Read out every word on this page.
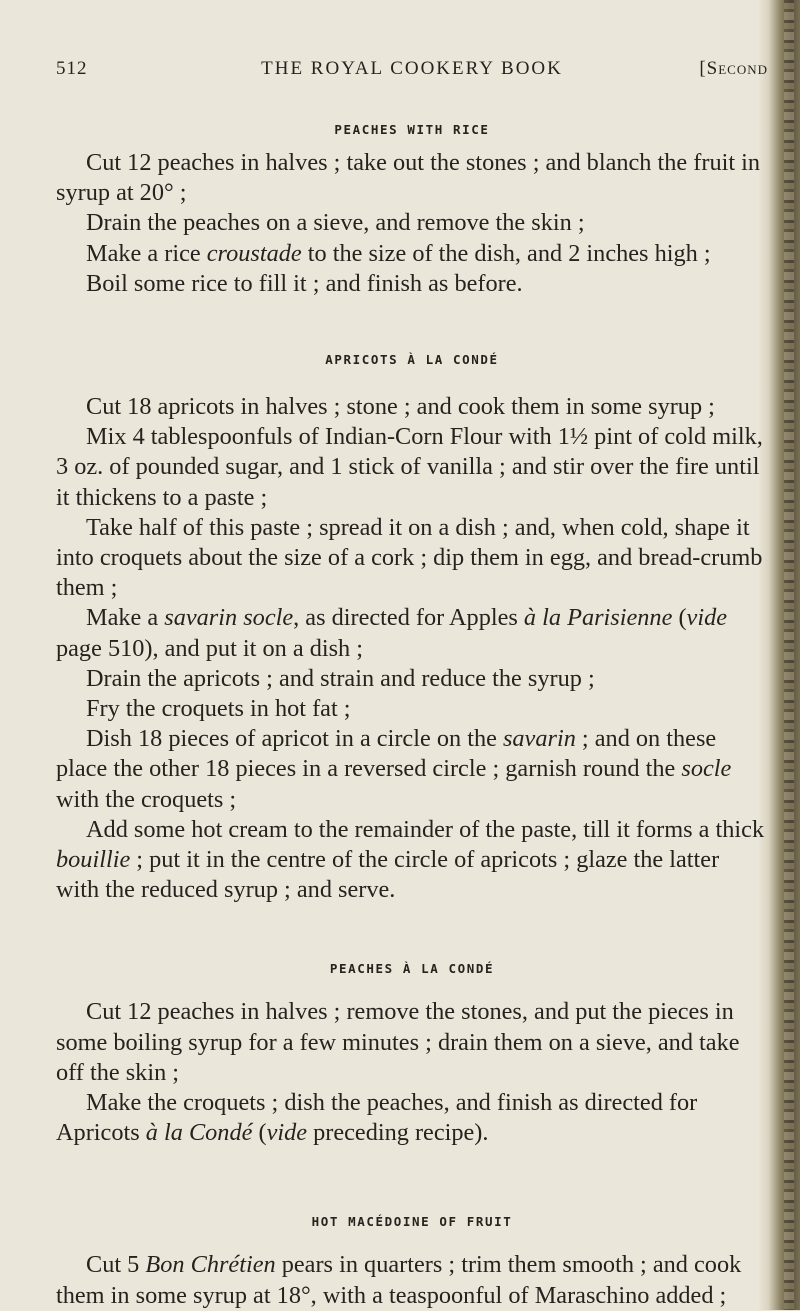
512	THE ROYAL COOKERY BOOK	[Second
PEACHES WITH RICE
Cut 12 peaches in halves ; take out the stones ; and blanch the fruit in syrup at 20° ;
Drain the peaches on a sieve, and remove the skin ;
Make a rice croustade to the size of the dish, and 2 inches high ;
Boil some rice to fill it ; and finish as before.
APRICOTS À LA CONDÉ
Cut 18 apricots in halves ; stone ; and cook them in some syrup ;
Mix 4 tablespoonfuls of Indian-Corn Flour with 1½ pint of cold milk, 3 oz. of pounded sugar, and 1 stick of vanilla ; and stir over the fire until it thickens to a paste ;
Take half of this paste ; spread it on a dish ; and, when cold, shape it into croquets about the size of a cork ; dip them in egg, and bread-crumb them ;
Make a savarin socle, as directed for Apples à la Parisienne (vide page 510), and put it on a dish ;
Drain the apricots ; and strain and reduce the syrup ;
Fry the croquets in hot fat ;
Dish 18 pieces of apricot in a circle on the savarin ; and on these place the other 18 pieces in a reversed circle ; garnish round the socle with the croquets ;
Add some hot cream to the remainder of the paste, till it forms a thick bouillie ; put it in the centre of the circle of apricots ; glaze the latter with the reduced syrup ; and serve.
PEACHES À LA CONDÉ
Cut 12 peaches in halves ; remove the stones, and put the pieces in some boiling syrup for a few minutes ; drain them on a sieve, and take off the skin ;
Make the croquets ; dish the peaches, and finish as directed for Apricots à la Condé (vide preceding recipe).
HOT MACÉDOINE OF FRUIT
Cut 5 Bon Chrétien pears in quarters ; trim them smooth ; and cook them in some syrup at 18°, with a teaspoonful of Maraschino added ;
